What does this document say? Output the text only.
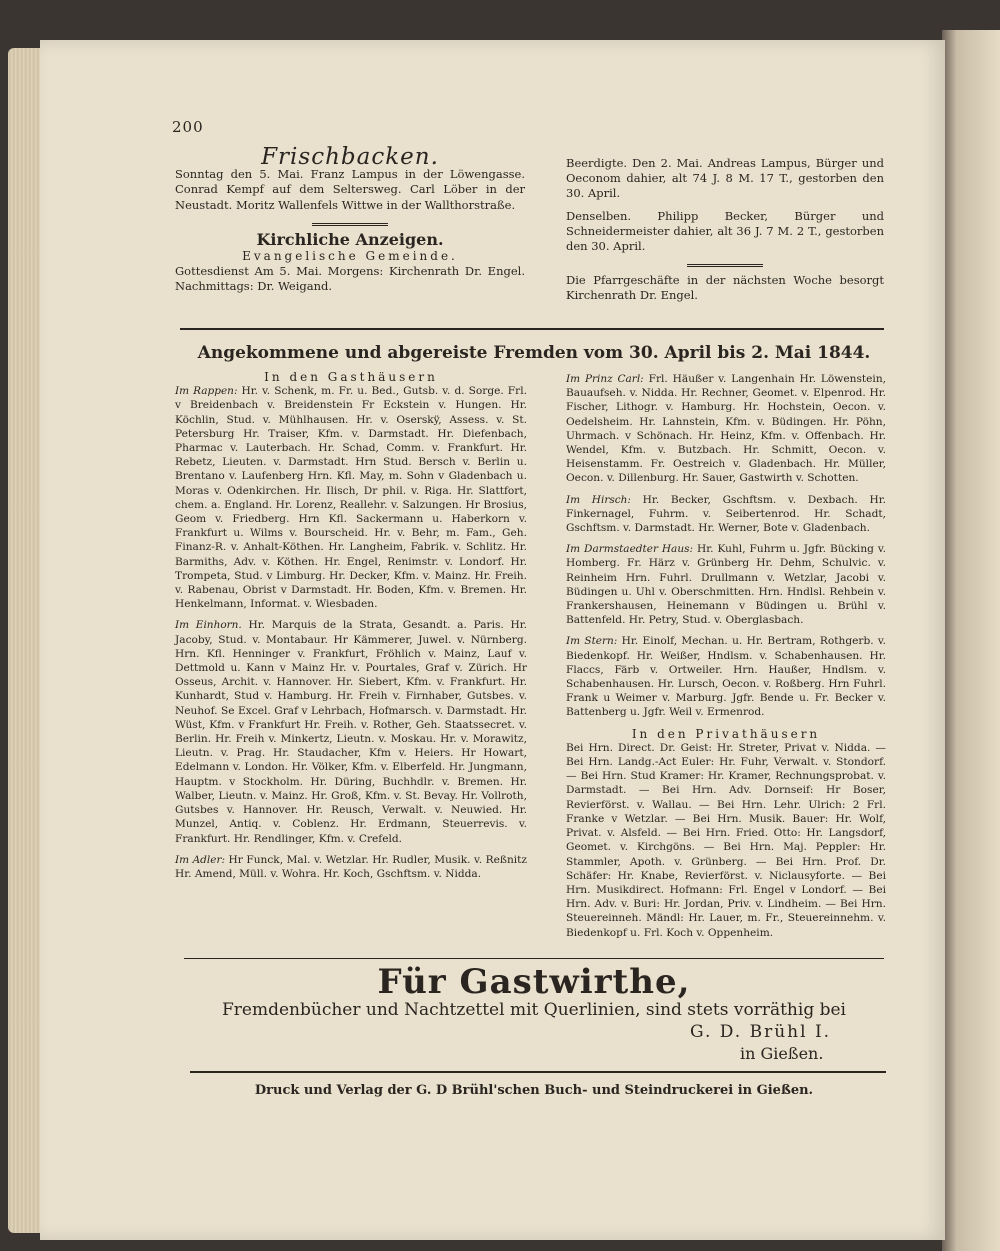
200
Frischbacken.

Sonntag den 5. Mai. Franz Lampus in der Löwengasse. Conrad Kempf auf dem Seltersweg. Carl Löber in der Neustadt. Moritz Wallenfels Wittwe in der Wallthorstraße.

Kirchliche Anzeigen.
Evangelische Gemeinde.

Gottesdienst Am 5. Mai. Morgens: Kirchenrath Dr. Engel. Nachmittags: Dr. Weigand.

Beerdigte. Den 2. Mai. Andreas Lampus, Bürger und Oeconom dahier, alt 74 J. 8 M. 17 T., gestorben den 30. April.

Denselben. Philipp Becker, Bürger und Schneidermeister dahier, alt 36 J. 7 M. 2 T., gestorben den 30. April.

Die Pfarrgeschäfte in der nächsten Woche besorgt Kirchenrath Dr. Engel.

Angekommene und abgereiste Fremden vom 30. April bis 2. Mai 1844.
In den Gasthäusern

Im Rappen: Hr. v. Schenk, m. Fr. u. Bed., Gutsb. v. d. Sorge. Frl. v Breidenbach v. Breidenstein Fr Eckstein v. Hungen. Hr. Köchlin, Stud. v. Mühlhausen. Hr. v. Oserskÿ, Assess. v. St. Petersburg Hr. Traiser, Kfm. v. Darmstadt. Hr. Diefenbach, Pharmac v. Lauterbach. Hr. Schad, Comm. v. Frankfurt. Hr. Rebetz, Lieuten. v. Darmstadt. Hrn Stud. Bersch v. Berlin u. Brentano v. Laufenberg Hrn. Kfl. May, m. Sohn v Gladenbach u. Moras v. Odenkirchen. Hr. Ilisch, Dr phil. v. Riga. Hr. Slattfort, chem. a. England. Hr. Lorenz, Reallehr. v. Salzungen. Hr Brosius, Geom v. Friedberg. Hrn Kfl. Sackermann u. Haberkorn v. Frankfurt u. Wilms v. Bourscheid. Hr. v. Behr, m. Fam., Geh. Finanz-R. v. Anhalt-Köthen. Hr. Langheim, Fabrik. v. Schlitz. Hr. Barmiths, Adv. v. Köthen. Hr. Engel, Renimstr. v. Londorf. Hr. Trompeta, Stud. v Limburg. Hr. Decker, Kfm. v. Mainz. Hr. Freih. v. Rabenau, Obrist v Darmstadt. Hr. Boden, Kfm. v. Bremen. Hr. Henkelmann, Informat. v. Wiesbaden.

Im Einhorn. Hr. Marquis de la Strata, Gesandt. a. Paris. Hr. Jacoby, Stud. v. Montabaur. Hr Kämmerer, Juwel. v. Nürnberg. Hrn. Kfl. Henninger v. Frankfurt, Fröhlich v. Mainz, Lauf v. Dettmold u. Kann v Mainz Hr. v. Pourtales, Graf v. Zürich. Hr Osseus, Archit. v. Hannover. Hr. Siebert, Kfm. v. Frankfurt. Hr. Kunhardt, Stud v. Hamburg. Hr. Freih v. Firnhaber, Gutsbes. v. Neuhof. Se Excel. Graf v Lehrbach, Hofmarsch. v. Darmstadt. Hr. Wüst, Kfm. v Frankfurt Hr. Freih. v. Rother, Geh. Staatssecret. v. Berlin. Hr. Freih v. Minkertz, Lieutn. v. Moskau. Hr. v. Morawitz, Lieutn. v. Prag. Hr. Staudacher, Kfm v. Heiers. Hr Howart, Edelmann v. London. Hr. Völker, Kfm. v. Elberfeld. Hr. Jungmann, Hauptm. v Stockholm. Hr. Düring, Buchhdlr. v. Bremen. Hr. Walber, Lieutn. v. Mainz. Hr. Groß, Kfm. v. St. Bevay. Hr. Vollroth, Gutsbes v. Hannover. Hr. Reusch, Verwalt. v. Neuwied. Hr. Munzel, Antiq. v. Coblenz. Hr. Erdmann, Steuerrevis. v. Frankfurt. Hr. Rendlinger, Kfm. v. Crefeld.

Im Adler: Hr Funck, Mal. v. Wetzlar. Hr. Rudler, Musik. v. Reßnitz Hr. Amend, Müll. v. Wohra. Hr. Koch, Gschftsm. v. Nidda.

Im Prinz Carl: Frl. Häußer v. Langenhain Hr. Löwenstein, Bauaufseh. v. Nidda. Hr. Rechner, Geomet. v. Elpenrod. Hr. Fischer, Lithogr. v. Hamburg. Hr. Hochstein, Oecon. v. Oedelsheim. Hr. Lahnstein, Kfm. v. Büdingen. Hr. Pöhn, Uhrmach. v Schönach. Hr. Heinz, Kfm. v. Offenbach. Hr. Wendel, Kfm. v. Butzbach. Hr. Schmitt, Oecon. v. Heisenstamm. Fr. Oestreich v. Gladenbach. Hr. Müller, Oecon. v. Dillenburg. Hr. Sauer, Gastwirth v. Schotten.

Im Hirsch: Hr. Becker, Gschftsm. v. Dexbach. Hr. Finkernagel, Fuhrm. v. Seibertenrod. Hr. Schadt, Gschftsm. v. Darmstadt. Hr. Werner, Bote v. Gladenbach.

Im Darmstaedter Haus: Hr. Kuhl, Fuhrm u. Jgfr. Bücking v. Homberg. Fr. Härz v. Grünberg Hr. Dehm, Schulvic. v. Reinheim Hrn. Fuhrl. Drullmann v. Wetzlar, Jacobi v. Büdingen u. Uhl v. Oberschmitten. Hrn. Hndlsl. Rehbein v. Frankershausen, Heinemann v Büdingen u. Brühl v. Battenfeld. Hr. Petry, Stud. v. Oberglasbach.

Im Stern: Hr. Einolf, Mechan. u. Hr. Bertram, Rothgerb. v. Biedenkopf. Hr. Weißer, Hndlsm. v. Schabenhausen. Hr. Flaccs, Färb v. Ortweiler. Hrn. Haußer, Hndlsm. v. Schabenhausen. Hr. Lursch, Oecon. v. Roßberg. Hrn Fuhrl. Frank u Weimer v. Marburg. Jgfr. Bende u. Fr. Becker v. Battenberg u. Jgfr. Weil v. Ermenrod.

In den Privathäusern

Bei Hrn. Direct. Dr. Geist: Hr. Streter, Privat v. Nidda. — Bei Hrn. Landg.-Act Euler: Hr. Fuhr, Verwalt. v. Stondorf. — Bei Hrn. Stud Kramer: Hr. Kramer, Rechnungsprobat. v. Darmstadt. — Bei Hrn. Adv. Dornseif: Hr Boser, Revierförst. v. Wallau. — Bei Hrn. Lehr. Ulrich: 2 Frl. Franke v Wetzlar. — Bei Hrn. Musik. Bauer: Hr. Wolf, Privat. v. Alsfeld. — Bei Hrn. Fried. Otto: Hr. Langsdorf, Geomet. v. Kirchgöns. — Bei Hrn. Maj. Peppler: Hr. Stammler, Apoth. v. Grünberg. — Bei Hrn. Prof. Dr. Schäfer: Hr. Knabe, Revierförst. v. Niclausyforte. — Bei Hrn. Musikdirect. Hofmann: Frl. Engel v Londorf. — Bei Hrn. Adv. v. Buri: Hr. Jordan, Priv. v. Lindheim. — Bei Hrn. Steuereinneh. Mändl: Hr. Lauer, m. Fr., Steuereinnehm. v. Biedenkopf u. Frl. Koch v. Oppenheim.

Für Gastwirthe,
Fremdenbücher und Nachtzettel mit Querlinien, sind stets vorräthig bei
G. D. Brühl I.
in Gießen.
Druck und Verlag der G. D Brühl'schen Buch- und Steindruckerei in Gießen.
